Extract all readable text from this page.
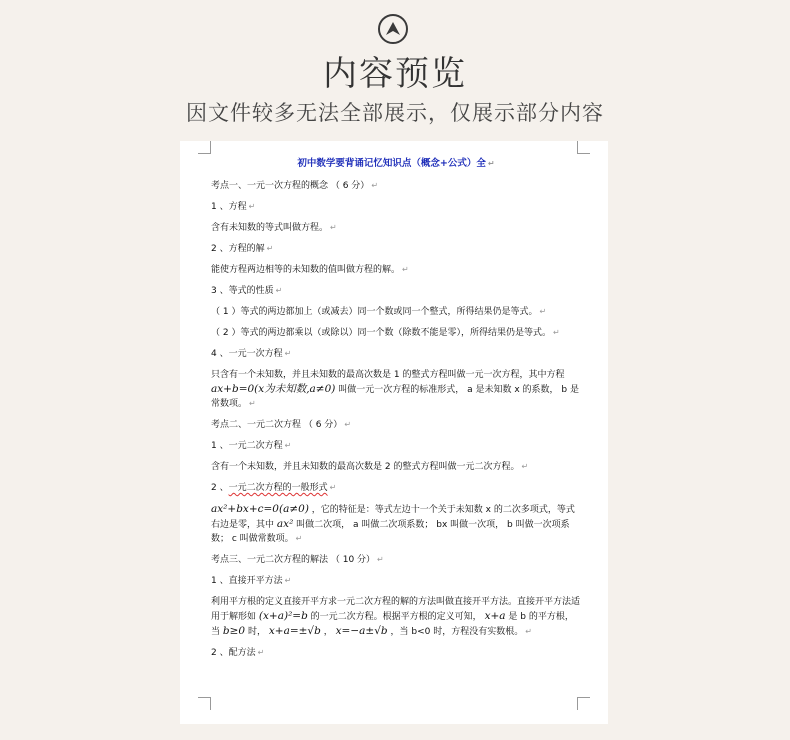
内容预览
因文件较多无法全部展示，仅展示部分内容
初中数学要背诵记忆知识点（概念+公式）全 ↵
考点一、一元一次方程的概念 （ 6 分） ↵
1 、方程 ↵
含有未知数的等式叫做方程。 ↵
2 、方程的解 ↵
能使方程两边相等的未知数的值叫做方程的解。 ↵
3 、等式的性质 ↵
（ 1 ）等式的两边都加上（或减去）同一个数或同一个整式，所得结果仍是等式。 ↵
（ 2 ）等式的两边都乘以（或除以）同一个数（除数不能是零），所得结果仍是等式。 ↵
4 、一元一次方程 ↵
只含有一个未知数，并且未知数的最高次数是 1 的整式方程叫做一元一次方程，其中方程 ax+b=0(x为未知数,a≠0) 叫做一元一次方程的标准形式， a 是未知数 x 的系数， b 是常数项。 ↵
考点二、一元二次方程 （ 6 分） ↵
1 、一元二次方程 ↵
含有一个未知数，并且未知数的最高次数是 2 的整式方程叫做一元二次方程。 ↵
2 、一元二次方程的一般形式 ↵
ax²+bx+c=0(a≠0) ，它的特征是：等式左边十一个关于未知数 x 的二次多项式，等式右边是零，其中 ax² 叫做二次项， a 叫做二次项系数； bx 叫做一次项， b 叫做一次项系数； c 叫做常数项。 ↵
考点三、一元二次方程的解法 （ 10 分） ↵
1 、直接开平方法 ↵
利用平方根的定义直接开平方求一元二次方程的解的方法叫做直接开平方法。直接开平方法适用于解形如 (x+a)²=b 的一元二次方程。根据平方根的定义可知， x+a 是 b 的平方根，当 b≥0 时， x+a=±√b ， x=−a±√b ，当 b<0 时，方程没有实数根。 ↵
2 、配方法 ↵
